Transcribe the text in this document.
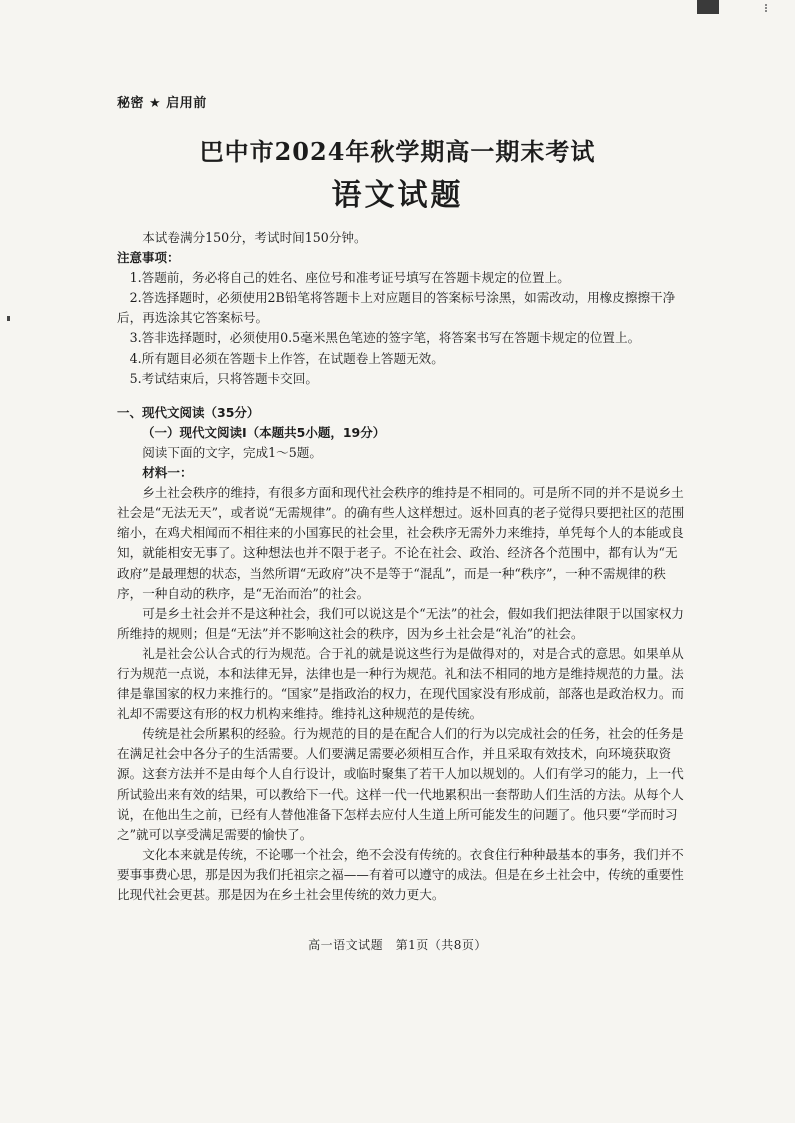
秘密 ★ 启用前
巴中市2024年秋学期高一期末考试
语文试题

本试卷满分150分，考试时间150分钟。

注意事项：

1.答题前，务必将自己的姓名、座位号和准考证号填写在答题卡规定的位置上。

2.答选择题时，必须使用2B铅笔将答题卡上对应题目的答案标号涂黑，如需改动，用橡皮擦擦干净后，再选涂其它答案标号。

3.答非选择题时，必须使用0.5毫米黑色笔迹的签字笔，将答案书写在答题卡规定的位置上。

4.所有题目必须在答题卡上作答，在试题卷上答题无效。

5.考试结束后，只将答题卡交回。

一、现代文阅读（35分）

（一）现代文阅读Ⅰ（本题共5小题，19分）

阅读下面的文字，完成1～5题。

材料一：

乡土社会秩序的维持，有很多方面和现代社会秩序的维持是不相同的。可是所不同的并不是说乡土社会是“无法无天”，或者说“无需规律”。的确有些人这样想过。返朴回真的老子觉得只要把社区的范围缩小，在鸡犬相闻而不相往来的小国寡民的社会里，社会秩序无需外力来维持，单凭每个人的本能或良知，就能相安无事了。这种想法也并不限于老子。不论在社会、政治、经济各个范围中，都有认为“无政府”是最理想的状态，当然所谓“无政府”决不是等于“混乱”，而是一种“秩序”，一种不需规律的秩序，一种自动的秩序，是“无治而治”的社会。

可是乡土社会并不是这种社会，我们可以说这是个“无法”的社会，假如我们把法律限于以国家权力所维持的规则；但是“无法”并不影响这社会的秩序，因为乡土社会是“礼治”的社会。

礼是社会公认合式的行为规范。合于礼的就是说这些行为是做得对的，对是合式的意思。如果单从行为规范一点说，本和法律无异，法律也是一种行为规范。礼和法不相同的地方是维持规范的力量。法律是靠国家的权力来推行的。“国家”是指政治的权力，在现代国家没有形成前，部落也是政治权力。而礼却不需要这有形的权力机构来维持。维持礼这种规范的是传统。

传统是社会所累积的经验。行为规范的目的是在配合人们的行为以完成社会的任务，社会的任务是在满足社会中各分子的生活需要。人们要满足需要必须相互合作，并且采取有效技术，向环境获取资源。这套方法并不是由每个人自行设计，或临时聚集了若干人加以规划的。人们有学习的能力，上一代所试验出来有效的结果，可以教给下一代。这样一代一代地累积出一套帮助人们生活的方法。从每个人说，在他出生之前，已经有人替他准备下怎样去应付人生道上所可能发生的问题了。他只要“学而时习之”就可以享受满足需要的愉快了。

文化本来就是传统，不论哪一个社会，绝不会没有传统的。衣食住行种种最基本的事务，我们并不要事事费心思，那是因为我们托祖宗之福——有着可以遵守的成法。但是在乡土社会中，传统的重要性比现代社会更甚。那是因为在乡土社会里传统的效力更大。

高一语文试题　第1页（共8页）
